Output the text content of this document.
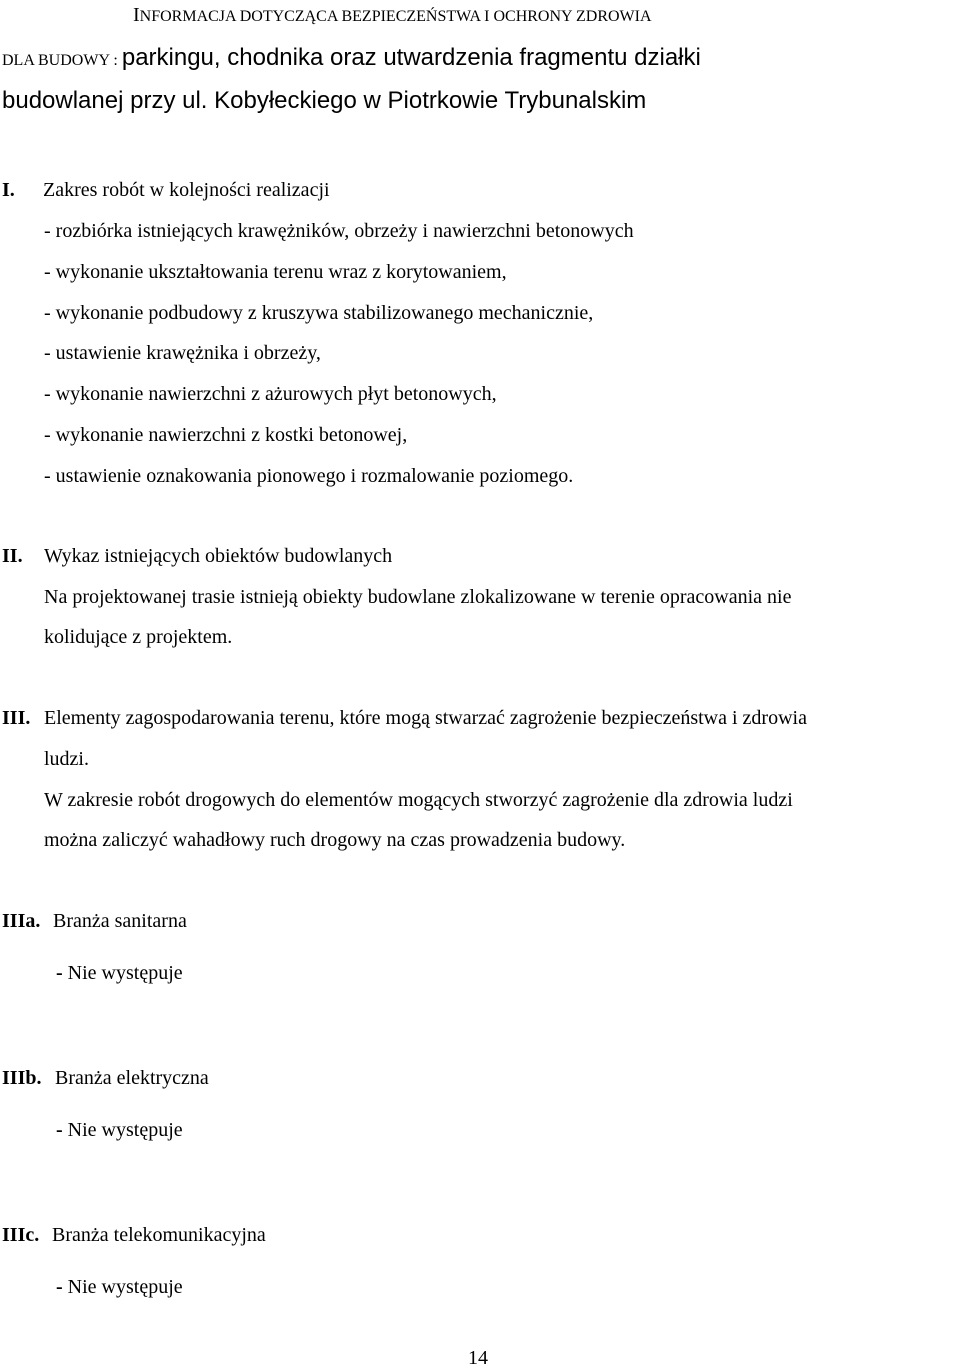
INFORMACJA DOTYCZĄCA BEZPIECZEŃSTWA I OCHRONY ZDROWIA
DLA BUDOWY : parkingu, chodnika oraz utwardzenia fragmentu działki
budowlanej przy ul. Kobyłeckiego w Piotrkowie Trybunalskim
I. Zakres robót w kolejności realizacji
- rozbiórka istniejących krawężników, obrzeży i nawierzchni betonowych
- wykonanie ukształtowania terenu wraz z korytowaniem,
- wykonanie podbudowy z kruszywa stabilizowanego mechanicznie,
- ustawienie krawężnika i obrzeży,
- wykonanie nawierzchni z ażurowych płyt betonowych,
- wykonanie nawierzchni z kostki betonowej,
- ustawienie oznakowania pionowego i rozmalowanie poziomego.
II. Wykaz istniejących obiektów budowlanych
Na projektowanej trasie istnieją obiekty budowlane zlokalizowane w terenie opracowania nie
kolidujące z projektem.
III. Elementy zagospodarowania terenu, które mogą stwarzać zagrożenie bezpieczeństwa i zdrowia
ludzi.
W zakresie robót drogowych do elementów mogących stworzyć zagrożenie dla zdrowia ludzi
można zaliczyć wahadłowy ruch drogowy na czas prowadzenia budowy.
IIIa. Branża sanitarna
- Nie występuje
IIIb. Branża elektryczna
- Nie występuje
IIIc. Branża telekomunikacyjna
- Nie występuje
14
